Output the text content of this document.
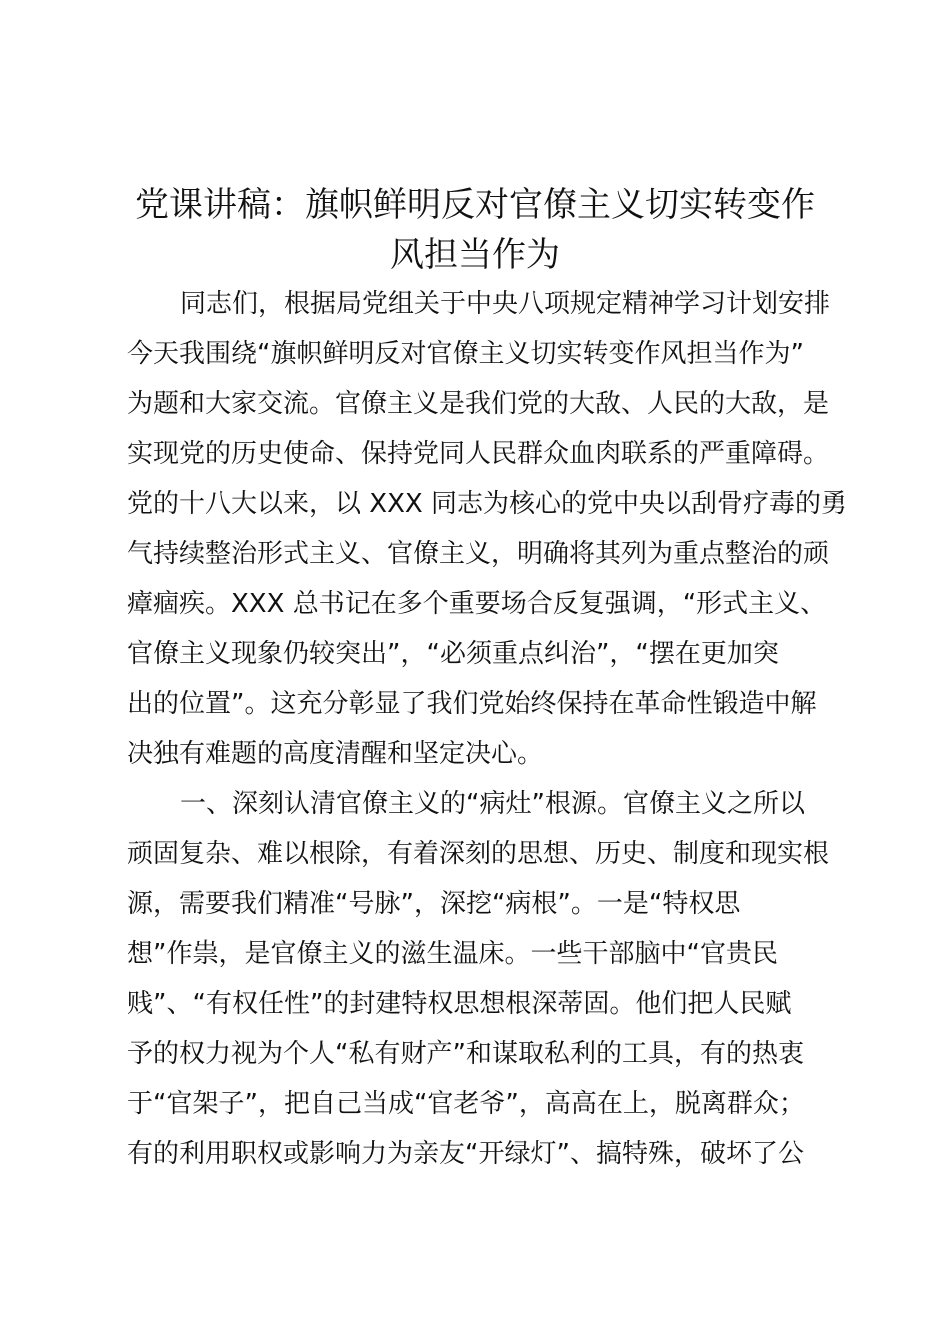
党课讲稿：旗帜鲜明反对官僚主义切实转变作
风担当作为
同志们，根据局党组关于中央八项规定精神学习计划安排
今天我围绕“旗帜鲜明反对官僚主义切实转变作风担当作为”
为题和大家交流。官僚主义是我们党的大敌、人民的大敌，是
实现党的历史使命、保持党同人民群众血肉联系的严重障碍。
党的十八大以来，以 XXX 同志为核心的党中央以刮骨疗毒的勇
气持续整治形式主义、官僚主义，明确将其列为重点整治的顽
瘴痼疾。XXX 总书记在多个重要场合反复强调，“形式主义、
官僚主义现象仍较突出”，“必须重点纠治”，“摆在更加突
出的位置”。这充分彰显了我们党始终保持在革命性锻造中解
决独有难题的高度清醒和坚定决心。
一、深刻认清官僚主义的“病灶”根源。官僚主义之所以
顽固复杂、难以根除，有着深刻的思想、历史、制度和现实根
源，需要我们精准“号脉”，深挖“病根”。一是“特权思
想”作祟，是官僚主义的滋生温床。一些干部脑中“官贵民
贱”、“有权任性”的封建特权思想根深蒂固。他们把人民赋
予的权力视为个人“私有财产”和谋取私利的工具，有的热衷
于“官架子”，把自己当成“官老爷”，高高在上，脱离群众；
有的利用职权或影响力为亲友“开绿灯”、搞特殊，破坏了公
